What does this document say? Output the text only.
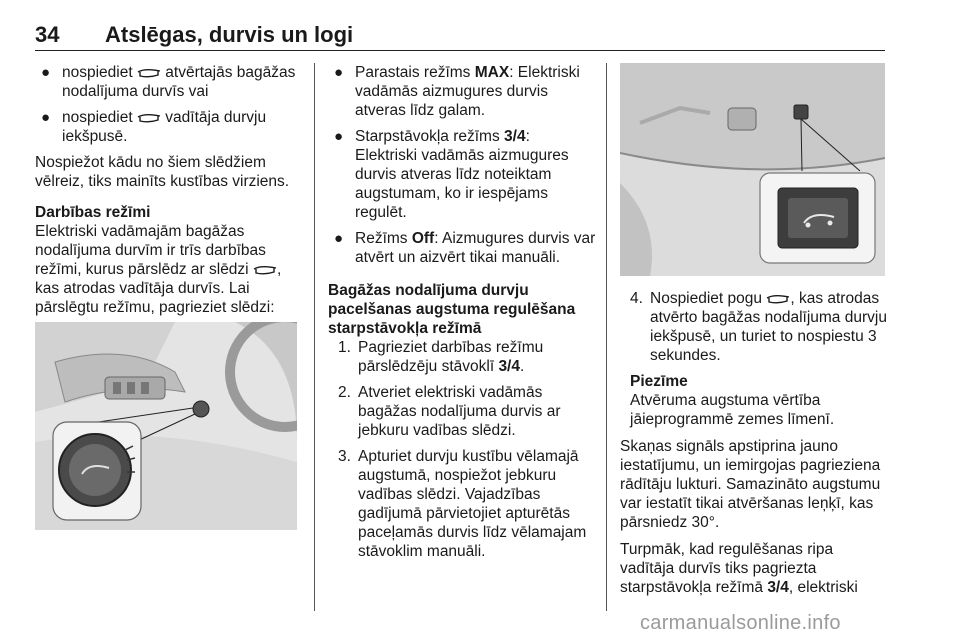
34 Atslēgas, durvis un logi
● nospiediet  atvērtajās bagāžas nodalījuma durvīs vai
● nospiediet  vadītāja durvju iekšpusē.

Nospiežot kādu no šiem slēdžiem vēlreiz, tiks mainīts kustības virziens.

Darbības režīmi

Elektriski vadāmajām bagāžas nodalījuma durvīm ir trīs darbības režīmi, kurus pārslēdz ar slēdzi , kas atrodas vadītāja durvīs. Lai pārslēgtu režīmu, pagrieziet slēdzi:

● Parastais režīms MAX: Elektriski vadāmās aizmugures durvis atveras līdz galam.
● Starpstāvokļa režīms 3/4: Elektriski vadāmās aizmugures durvis atveras līdz noteiktam augstumam, ko ir iespējams regulēt.
● Režīms Off: Aizmugures durvis var atvērt un aizvērt tikai manuāli.

Bagāžas nodalījuma durvju pacelšanas augstuma regulēšana starpstāvokļa režīmā

1. Pagrieziet darbības režīmu pārslēdzēju stāvoklī 3/4.
2. Atveriet elektriski vadāmās bagāžas nodalījuma durvis ar jebkuru vadības slēdzi.
3. Apturiet durvju kustību vēlamajā augstumā, nospiežot jebkuru vadības slēdzi. Vajadzības gadījumā pārvietojiet apturētās paceļamās durvis līdz vēlamajam stāvoklim manuāli.
4. Nospiediet pogu , kas atrodas atvērto bagāžas nodalījuma durvju iekšpusē, un turiet to nospiestu 3 sekundes.

Piezīme

Atvēruma augstuma vērtība jāieprogrammē zemes līmenī.

Skaņas signāls apstiprina jauno iestatījumu, un iemirgojas pagrieziena rādītāju lukturi. Samazināto augstumu var iestatīt tikai atvēršanas leņķī, kas pārsniedz 30°.

Turpmāk, kad regulēšanas ripa vadītāja durvīs tiks pagriezta starpstāvokļa režīmā 3/4, elektriski

carmanualsonline.info
